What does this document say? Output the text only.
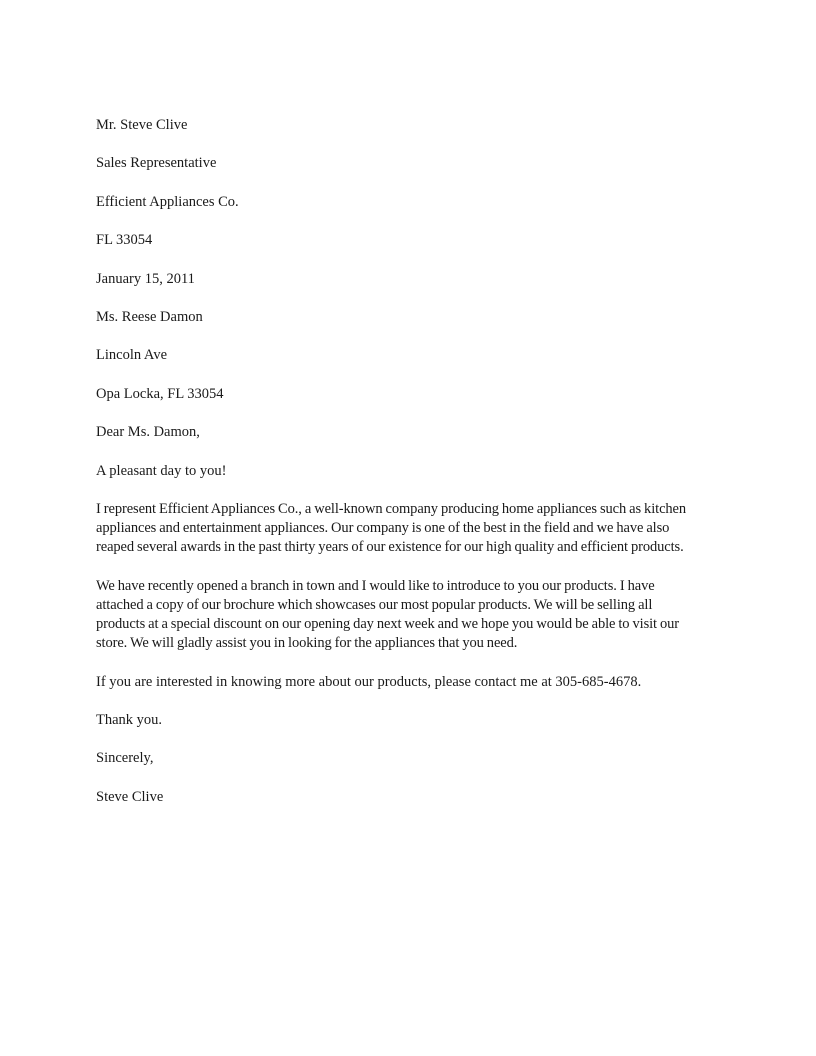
Mr. Steve Clive

Sales Representative

Efficient Appliances Co.

FL 33054

January 15, 2011

Ms. Reese Damon

Lincoln Ave

Opa Locka, FL 33054

Dear Ms. Damon,

A pleasant day to you!

I represent Efficient Appliances Co., a well-known company producing home appliances such as kitchen
appliances and entertainment appliances. Our company is one of the best in the field and we have also
reaped several awards in the past thirty years of our existence for our high quality and efficient products.
We have recently opened a branch in town and I would like to introduce to you our products. I have
attached a copy of our brochure which showcases our most popular products. We will be selling all
products at a special discount on our opening day next week and we hope you would be able to visit our
store. We will gladly assist you in looking for the appliances that you need.

If you are interested in knowing more about our products, please contact me at 305-685-4678.

Thank you.

Sincerely,

Steve Clive
